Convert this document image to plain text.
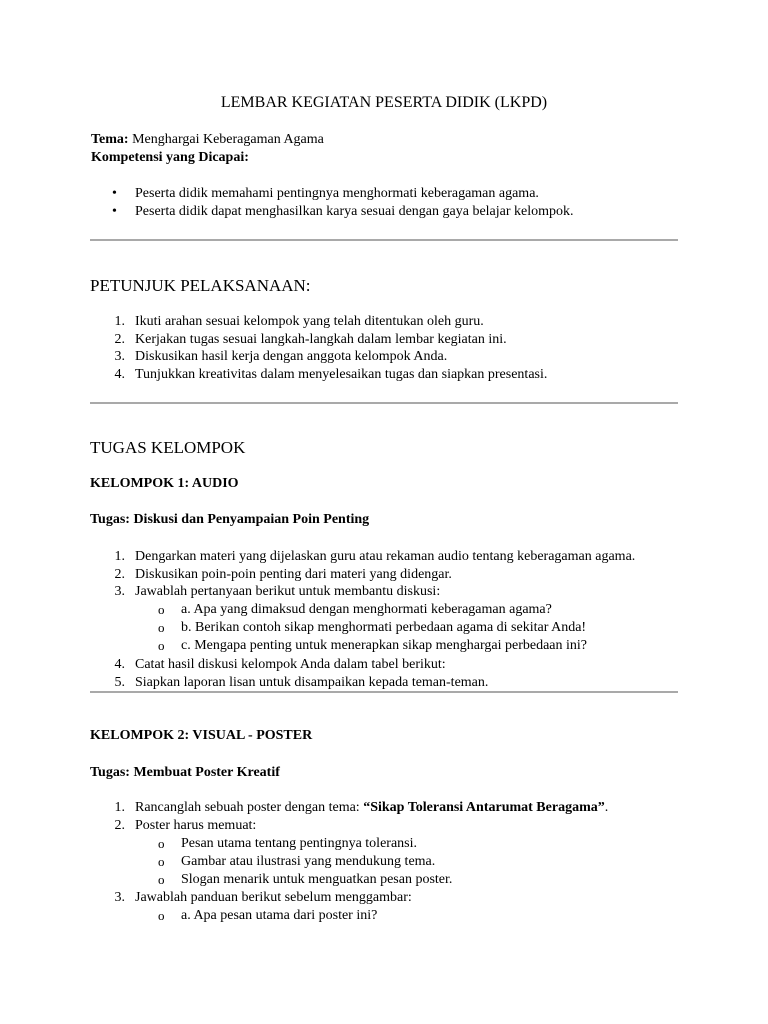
LEMBAR KEGIATAN PESERTA DIDIK (LKPD)
Tema: Menghargai Keberagaman Agama
Kompetensi yang Dicapai:
• Peserta didik memahami pentingnya menghormati keberagaman agama.
• Peserta didik dapat menghasilkan karya sesuai dengan gaya belajar kelompok.
PETUNJUK PELAKSANAAN:
1. Ikuti arahan sesuai kelompok yang telah ditentukan oleh guru.
2. Kerjakan tugas sesuai langkah-langkah dalam lembar kegiatan ini.
3. Diskusikan hasil kerja dengan anggota kelompok Anda.
4. Tunjukkan kreativitas dalam menyelesaikan tugas dan siapkan presentasi.
TUGAS KELOMPOK
KELOMPOK 1: AUDIO
Tugas: Diskusi dan Penyampaian Poin Penting
1. Dengarkan materi yang dijelaskan guru atau rekaman audio tentang keberagaman agama.
2. Diskusikan poin-poin penting dari materi yang didengar.
3. Jawablah pertanyaan berikut untuk membantu diskusi:
o a. Apa yang dimaksud dengan menghormati keberagaman agama?
o b. Berikan contoh sikap menghormati perbedaan agama di sekitar Anda!
o c. Mengapa penting untuk menerapkan sikap menghargai perbedaan ini?
4. Catat hasil diskusi kelompok Anda dalam tabel berikut:
5. Siapkan laporan lisan untuk disampaikan kepada teman-teman.
KELOMPOK 2: VISUAL - POSTER
Tugas: Membuat Poster Kreatif
1. Rancanglah sebuah poster dengan tema: “Sikap Toleransi Antarumat Beragama”.
2. Poster harus memuat:
o Pesan utama tentang pentingnya toleransi.
o Gambar atau ilustrasi yang mendukung tema.
o Slogan menarik untuk menguatkan pesan poster.
3. Jawablah panduan berikut sebelum menggambar:
o a. Apa pesan utama dari poster ini?
